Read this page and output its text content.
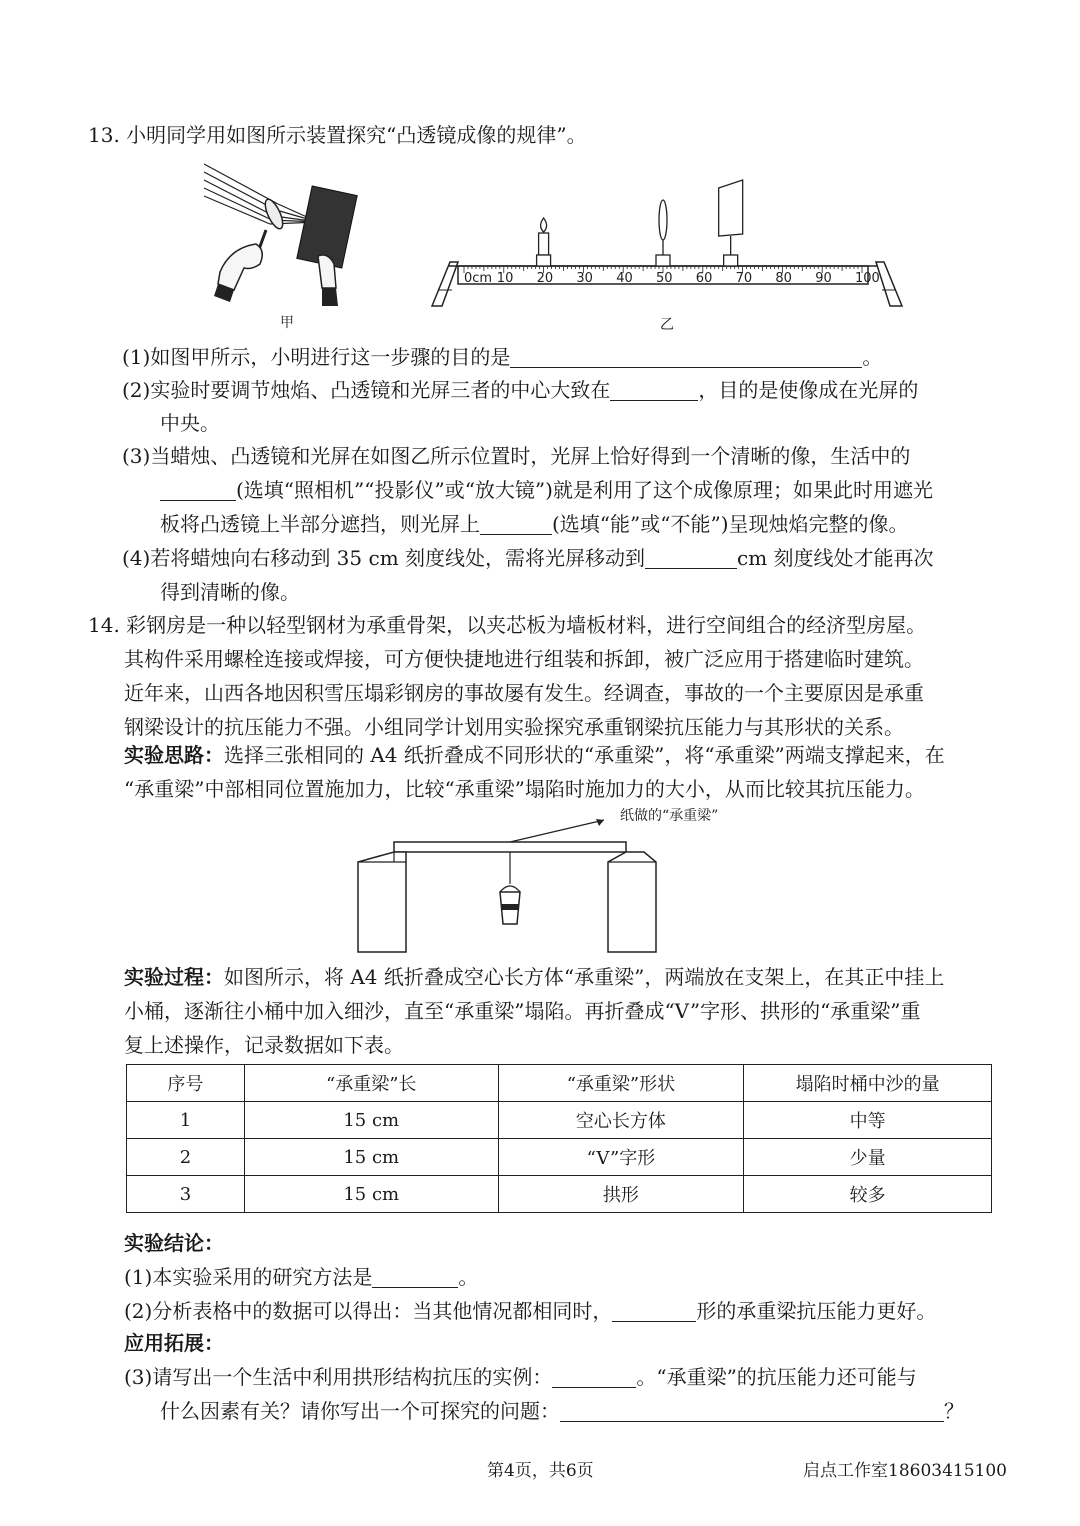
13. 小明同学用如图所示装置探究“凸透镜成像的规律”。
甲
0cm 10 20 30 40 50 60 70 80 90 100
乙
(1)如图甲所示，小明进行这一步骤的目的是	。
(2)实验时要调节烛焰、凸透镜和光屏三者的中心大致在	，目的是使像成在光屏的
中央。
(3)当蜡烛、凸透镜和光屏在如图乙所示位置时，光屏上恰好得到一个清晰的像，生活中的
(选填“照相机”“投影仪”或“放大镜”)就是利用了这个成像原理；如果此时用遮光
板将凸透镜上半部分遮挡，则光屏上	(选填“能”或“不能”)呈现烛焰完整的像。
(4)若将蜡烛向右移动到 35 cm 刻度线处，需将光屏移动到	cm 刻度线处才能再次
得到清晰的像。
14. 彩钢房是一种以轻型钢材为承重骨架，以夹芯板为墙板材料，进行空间组合的经济型房屋。
其构件采用螺栓连接或焊接，可方便快捷地进行组装和拆卸，被广泛应用于搭建临时建筑。
近年来，山西各地因积雪压塌彩钢房的事故屡有发生。经调查，事故的一个主要原因是承重
钢梁设计的抗压能力不强。小组同学计划用实验探究承重钢梁抗压能力与其形状的关系。
实验思路：选择三张相同的 A4 纸折叠成不同形状的“承重梁”，将“承重梁”两端支撑起来，在
“承重梁”中部相同位置施加力，比较“承重梁”塌陷时施加力的大小，从而比较其抗压能力。
纸做的“承重梁”
实验过程：如图所示，将 A4 纸折叠成空心长方体“承重梁”，两端放在支架上，在其正中挂上
小桶，逐渐往小桶中加入细沙，直至“承重梁”塌陷。再折叠成“V”字形、拱形的“承重梁”重
复上述操作，记录数据如下表。
序号	“承重梁”长	“承重梁”形状	塌陷时桶中沙的量
1	15 cm	空心长方体	中等
2	15 cm	“V”字形	少量
3	15 cm	拱形	较多
实验结论：
(1)本实验采用的研究方法是	。
(2)分析表格中的数据可以得出：当其他情况都相同时，	形的承重梁抗压能力更好。
应用拓展：
(3)请写出一个生活中利用拱形结构抗压的实例：	。“承重梁”的抗压能力还可能与
什么因素有关？请你写出一个可探究的问题：	？
第4页，共6页	启点工作室18603415100
